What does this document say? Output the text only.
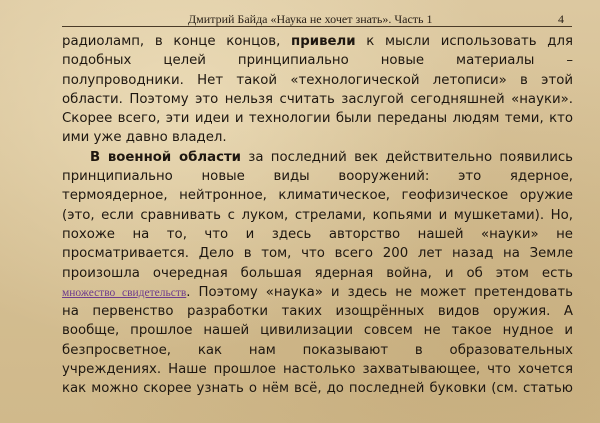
Дмитрий Байда «Наука не хочет знать». Часть 1	4

радиоламп, в конце концов, привели к мысли использовать для
подобных целей принципиально новые материалы –
полупроводники. Нет такой «технологической летописи» в этой
области. Поэтому это нельзя считать заслугой сегодняшней «науки».
Скорее всего, эти идеи и технологии были переданы людям теми, кто
ими уже давно владел.

В военной области за последний век действительно появились
принципиально новые виды вооружений: это ядерное,
термоядерное, нейтронное, климатическое, геофизическое оружие
(это, если сравнивать с луком, стрелами, копьями и мушкетами). Но,
похоже на то, что и здесь авторство нашей «науки» не
просматривается. Дело в том, что всего 200 лет назад на Земле
произошла очередная большая ядерная война, и об этом есть
множество свидетельств. Поэтому «наука» и здесь не может претендовать
на первенство разработки таких изощрённых видов оружия. А
вообще, прошлое нашей цивилизации совсем не такое нудное и
безпросветное, как нам показывают в образовательных
учреждениях. Наше прошлое настолько захватывающее, что хочется
как можно скорее узнать о нём всё, до последней буковки (см. статью
